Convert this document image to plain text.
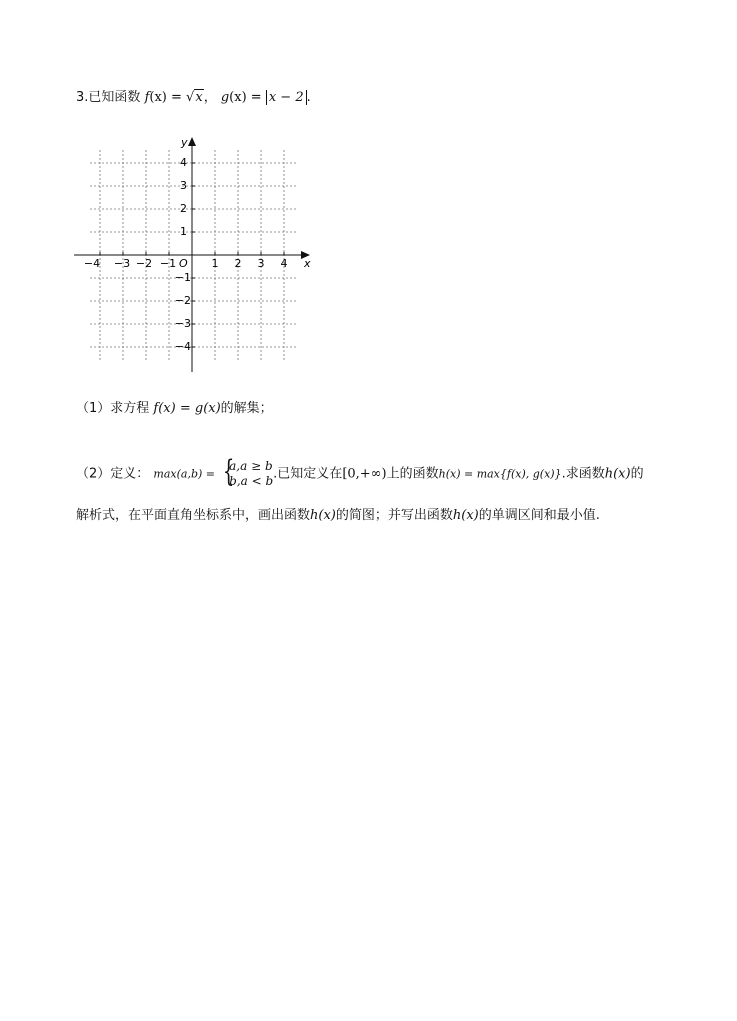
3.已知函数 f(x) = √x， g(x) = x − 2 .
y
x
O
−4 −3 −2 −1	1 2 3 4
4
3
2
1
−1
−2
−3
−4
（1）求方程 f(x) = g(x)的解集；
（2）定义： max(a,b) = {
a,a ≥ b
b,a < b .已知定义在[0,+∞)上的函数h(x) = max{f(x), g(x)}.求函数h(x)的
解析式，在平面直角坐标系中，画出函数h(x)的简图；并写出函数h(x)的单调区间和最小值.
